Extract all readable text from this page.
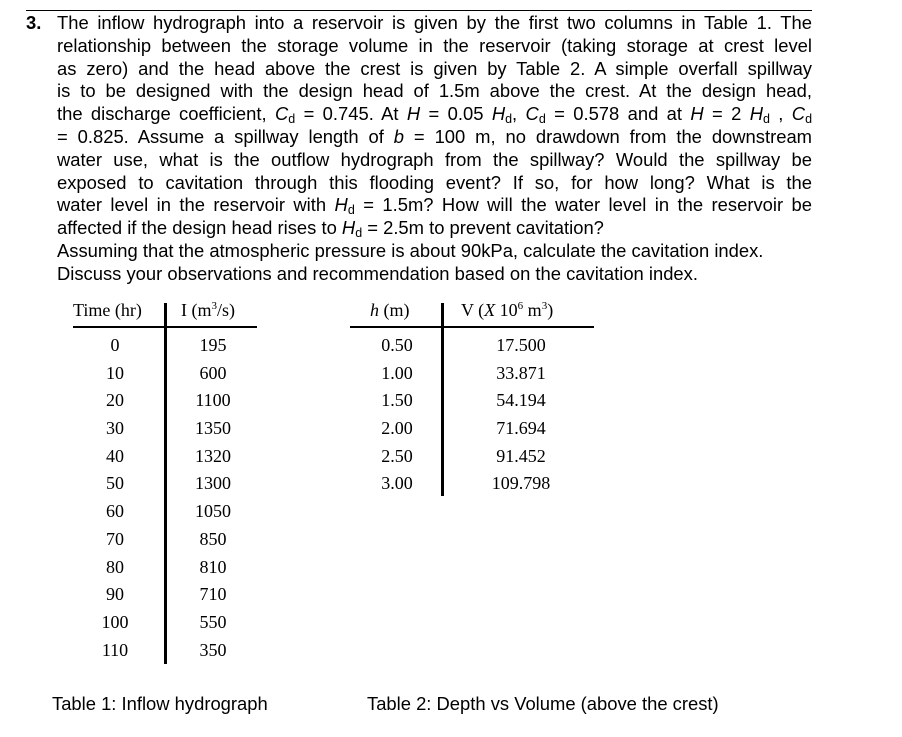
3. The inflow hydrograph into a reservoir is given by the first two columns in Table 1. The
relationship between the storage volume in the reservoir (taking storage at crest level
as zero) and the head above the crest is given by Table 2. A simple overfall spillway
is to be designed with the design head of 1.5m above the crest. At the design head,
the discharge coefficient, Cd = 0.745. At H = 0.05 Hd, Cd = 0.578 and at H = 2 Hd , Cd
= 0.825. Assume a spillway length of b = 100 m, no drawdown from the downstream
water use, what is the outflow hydrograph from the spillway? Would the spillway be
exposed to cavitation through this flooding event? If so, for how long? What is the
water level in the reservoir with Hd = 1.5m? How will the water level in the reservoir be
affected if the design head rises to Hd = 2.5m to prevent cavitation?
Assuming that the atmospheric pressure is about 90kPa, calculate the cavitation index.
Discuss your observations and recommendation based on the cavitation index.
Time (hr) I $(m^3/s)$
0
10
20
30
40
50
60
70
80
90
100
110
195
600
1100
1350
1320
1300
1050
850
810
710
550
350
h (m)	V (X $10^6$ $m^3$)
0.50
1.00
1.50
2.00
2.50
3.00
17.500
33.871
54.194
71.694
91.452
109.798
Table 1: Inflow hydrograph	Table 2: Depth vs Volume (above the crest)
